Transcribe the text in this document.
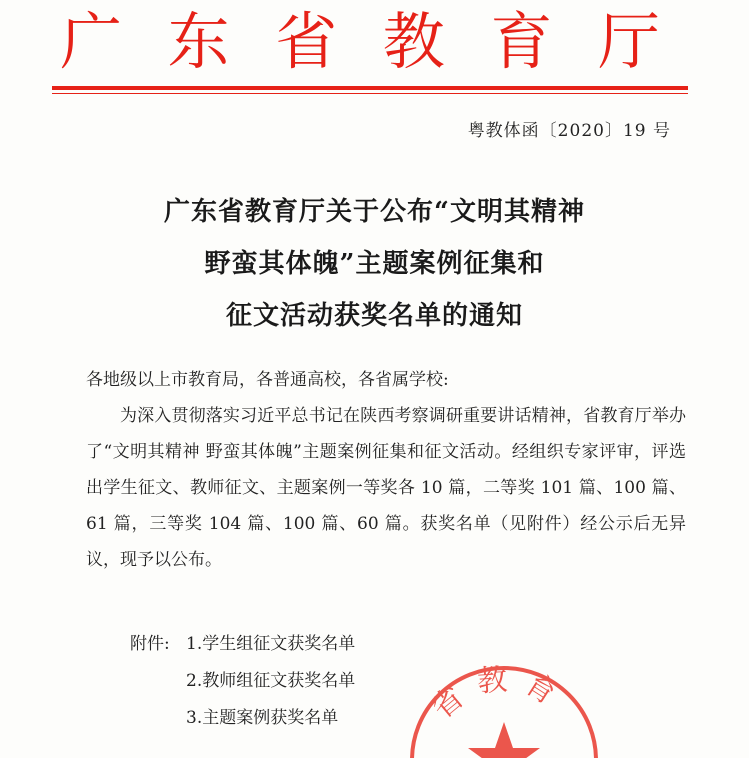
广 东 省 教 育 厅
粤教体函〔2020〕19 号
广东省教育厅关于公布“文明其精神
野蛮其体魄”主题案例征集和
征文活动获奖名单的通知

各地级以上市教育局，各普通高校，各省属学校:

为深入贯彻落实习近平总书记在陕西考察调研重要讲话精神，省教育厅举办了“文明其精神 野蛮其体魄”主题案例征集和征文活动。经组织专家评审，评选出学生征文、教师征文、主题案例一等奖各 10 篇，二等奖 101 篇、100 篇、61 篇，三等奖 104 篇、100 篇、60 篇。获奖名单（见附件）经公示后无异议，现予以公布。

附件: 1.学生组征文获奖名单
2.教师组征文获奖名单
3.主题案例获奖名单	省教育
